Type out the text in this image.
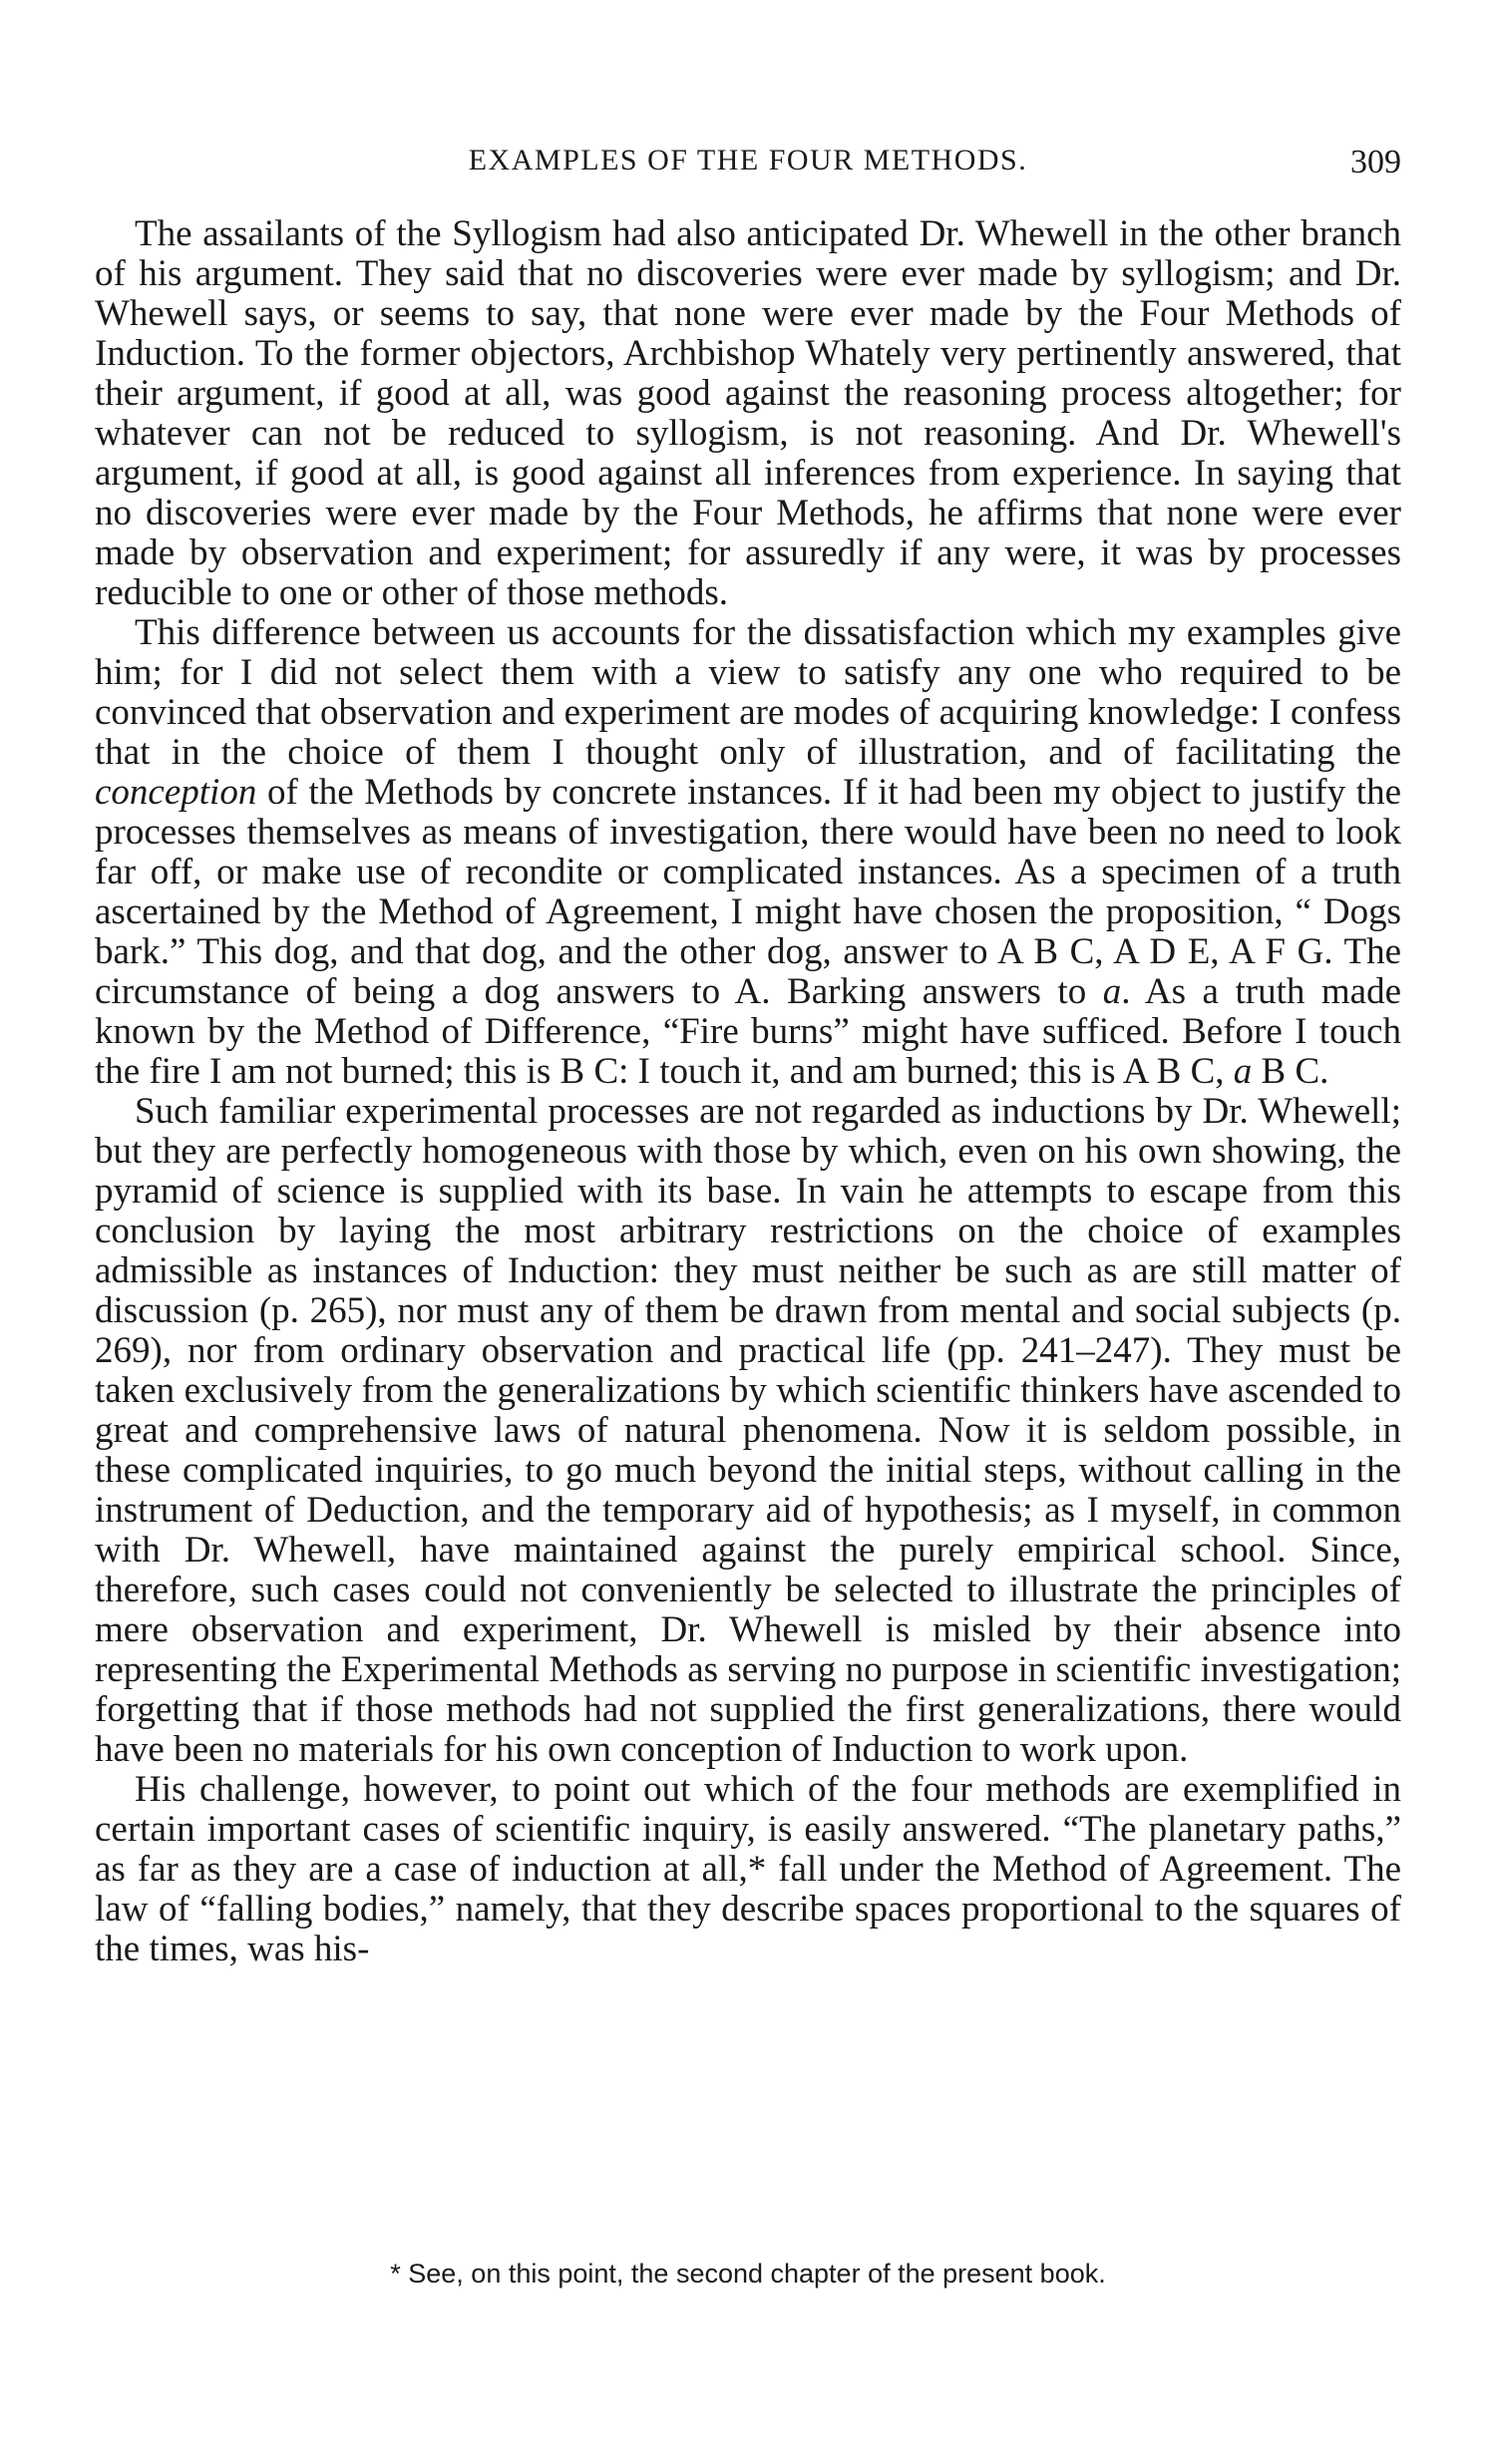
EXAMPLES OF THE FOUR METHODS.	309

The assailants of the Syllogism had also anticipated Dr. Whewell in the other branch of his argument. They said that no discoveries were ever made by syllogism; and Dr. Whewell says, or seems to say, that none were ever made by the Four Methods of Induction. To the former objectors, Archbishop Whately very pertinently answered, that their argument, if good at all, was good against the reasoning process altogether; for whatever can not be reduced to syllogism, is not reasoning. And Dr. Whewell's argument, if good at all, is good against all inferences from experience. In saying that no discoveries were ever made by the Four Methods, he affirms that none were ever made by observation and experiment; for assuredly if any were, it was by processes reducible to one or other of those methods.

This difference between us accounts for the dissatisfaction which my examples give him; for I did not select them with a view to satisfy any one who required to be convinced that observation and experiment are modes of acquiring knowledge: I confess that in the choice of them I thought only of illustration, and of facilitating the conception of the Methods by concrete instances. If it had been my object to justify the processes themselves as means of investigation, there would have been no need to look far off, or make use of recondite or complicated instances. As a specimen of a truth ascertained by the Method of Agreement, I might have chosen the proposition, “ Dogs bark.” This dog, and that dog, and the other dog, answer to A B C, A D E, A F G. The circumstance of being a dog answers to A. Barking answers to a. As a truth made known by the Method of Difference, “Fire burns” might have sufficed. Before I touch the fire I am not burned; this is B C: I touch it, and am burned; this is A B C, a B C.

Such familiar experimental processes are not regarded as inductions by Dr. Whewell; but they are perfectly homogeneous with those by which, even on his own showing, the pyramid of science is supplied with its base. In vain he attempts to escape from this conclusion by laying the most arbitrary restrictions on the choice of examples admissible as instances of Induction: they must neither be such as are still matter of discussion (p. 265), nor must any of them be drawn from mental and social subjects (p. 269), nor from ordinary observation and practical life (pp. 241–247). They must be taken exclusively from the generalizations by which scientific thinkers have ascended to great and comprehensive laws of natural phenomena. Now it is seldom possible, in these complicated inquiries, to go much beyond the initial steps, without calling in the instrument of Deduction, and the temporary aid of hypothesis; as I myself, in common with Dr. Whewell, have maintained against the purely empirical school. Since, therefore, such cases could not conveniently be selected to illustrate the principles of mere observation and experiment, Dr. Whewell is misled by their absence into representing the Experimental Methods as serving no purpose in scientific investigation; forgetting that if those methods had not supplied the first generalizations, there would have been no materials for his own conception of Induction to work upon.

His challenge, however, to point out which of the four methods are exemplified in certain important cases of scientific inquiry, is easily answered. “The planetary paths,” as far as they are a case of induction at all,* fall under the Method of Agreement. The law of “falling bodies,” namely, that they describe spaces proportional to the squares of the times, was his-

* See, on this point, the second chapter of the present book.
